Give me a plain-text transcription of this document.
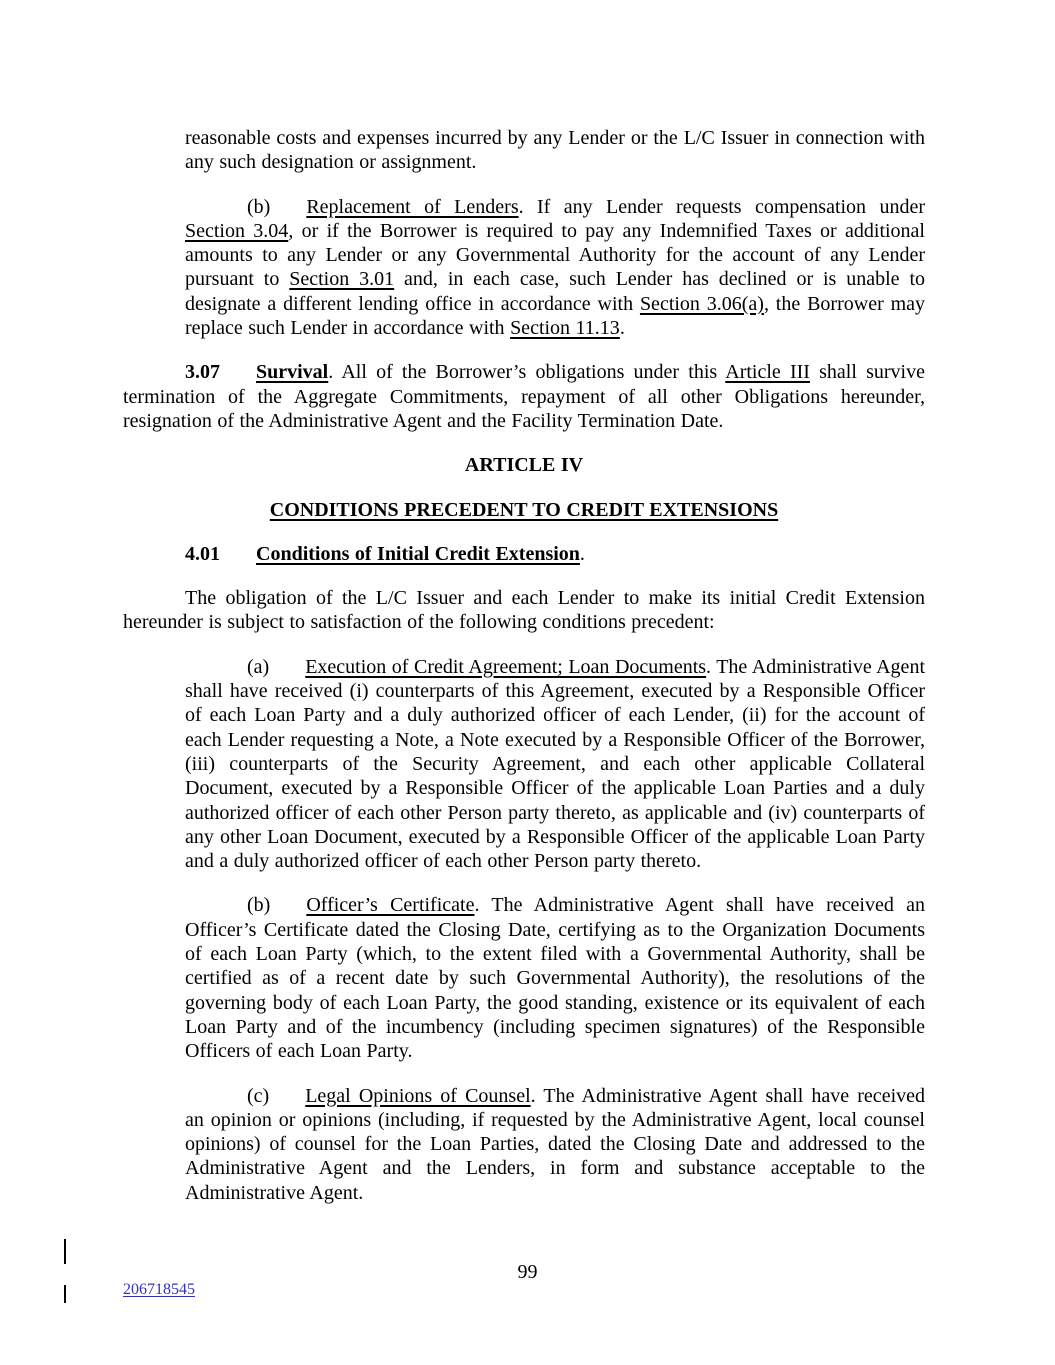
reasonable costs and expenses incurred by any Lender or the L/C Issuer in connection with any such designation or assignment.

(b) Replacement of Lenders. If any Lender requests compensation under Section 3.04, or if the Borrower is required to pay any Indemnified Taxes or additional amounts to any Lender or any Governmental Authority for the account of any Lender pursuant to Section 3.01 and, in each case, such Lender has declined or is unable to designate a different lending office in accordance with Section 3.06(a), the Borrower may replace such Lender in accordance with Section 11.13.

3.07 Survival. All of the Borrower’s obligations under this Article III shall survive termination of the Aggregate Commitments, repayment of all other Obligations hereunder, resignation of the Administrative Agent and the Facility Termination Date.

ARTICLE IV

CONDITIONS PRECEDENT TO CREDIT EXTENSIONS

4.01 Conditions of Initial Credit Extension.

The obligation of the L/C Issuer and each Lender to make its initial Credit Extension hereunder is subject to satisfaction of the following conditions precedent:

(a) Execution of Credit Agreement; Loan Documents. The Administrative Agent shall have received (i) counterparts of this Agreement, executed by a Responsible Officer of each Loan Party and a duly authorized officer of each Lender, (ii) for the account of each Lender requesting a Note, a Note executed by a Responsible Officer of the Borrower, (iii) counterparts of the Security Agreement, and each other applicable Collateral Document, executed by a Responsible Officer of the applicable Loan Parties and a duly authorized officer of each other Person party thereto, as applicable and (iv) counterparts of any other Loan Document, executed by a Responsible Officer of the applicable Loan Party and a duly authorized officer of each other Person party thereto.

(b) Officer’s Certificate. The Administrative Agent shall have received an Officer’s Certificate dated the Closing Date, certifying as to the Organization Documents of each Loan Party (which, to the extent filed with a Governmental Authority, shall be certified as of a recent date by such Governmental Authority), the resolutions of the governing body of each Loan Party, the good standing, existence or its equivalent of each Loan Party and of the incumbency (including specimen signatures) of the Responsible Officers of each Loan Party.

(c) Legal Opinions of Counsel. The Administrative Agent shall have received an opinion or opinions (including, if requested by the Administrative Agent, local counsel opinions) of counsel for the Loan Parties, dated the Closing Date and addressed to the Administrative Agent and the Lenders, in form and substance acceptable to the Administrative Agent.

99
206718545
